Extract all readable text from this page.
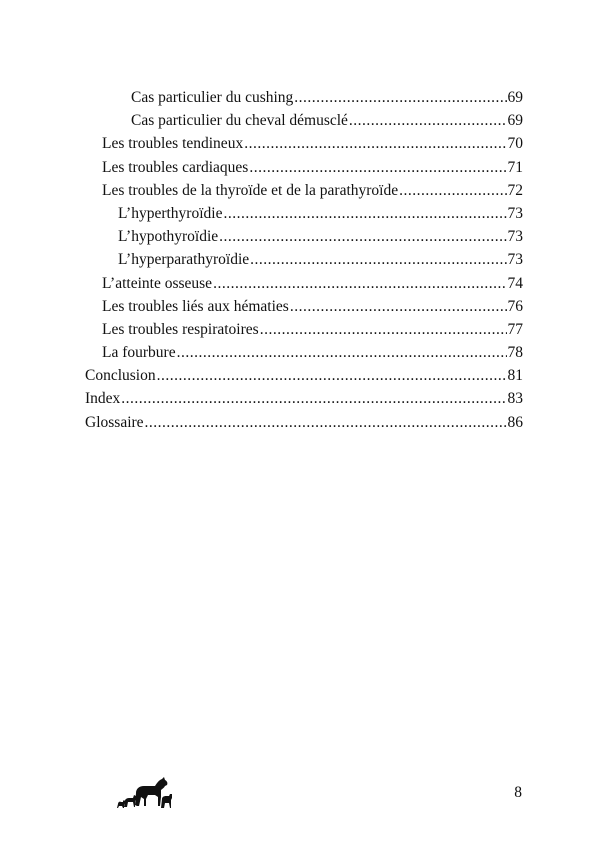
Cas particulier du cushing .....	69
Cas particulier du cheval démusclé .....	69
Les troubles tendineux .....	70
Les troubles cardiaques .....	71
Les troubles de la thyroïde et de la parathyroïde .....	72
L’hyperthyroïdie .....	73
L’hypothyroïdie .....	73
L’hyperparathyroïdie .....	73
L’atteinte osseuse .....	74
Les troubles liés aux hématies .....	76
Les troubles respiratoires .....	77
La fourbure .....	78
Conclusion .....	81
Index .....	83
Glossaire .....	86
8
